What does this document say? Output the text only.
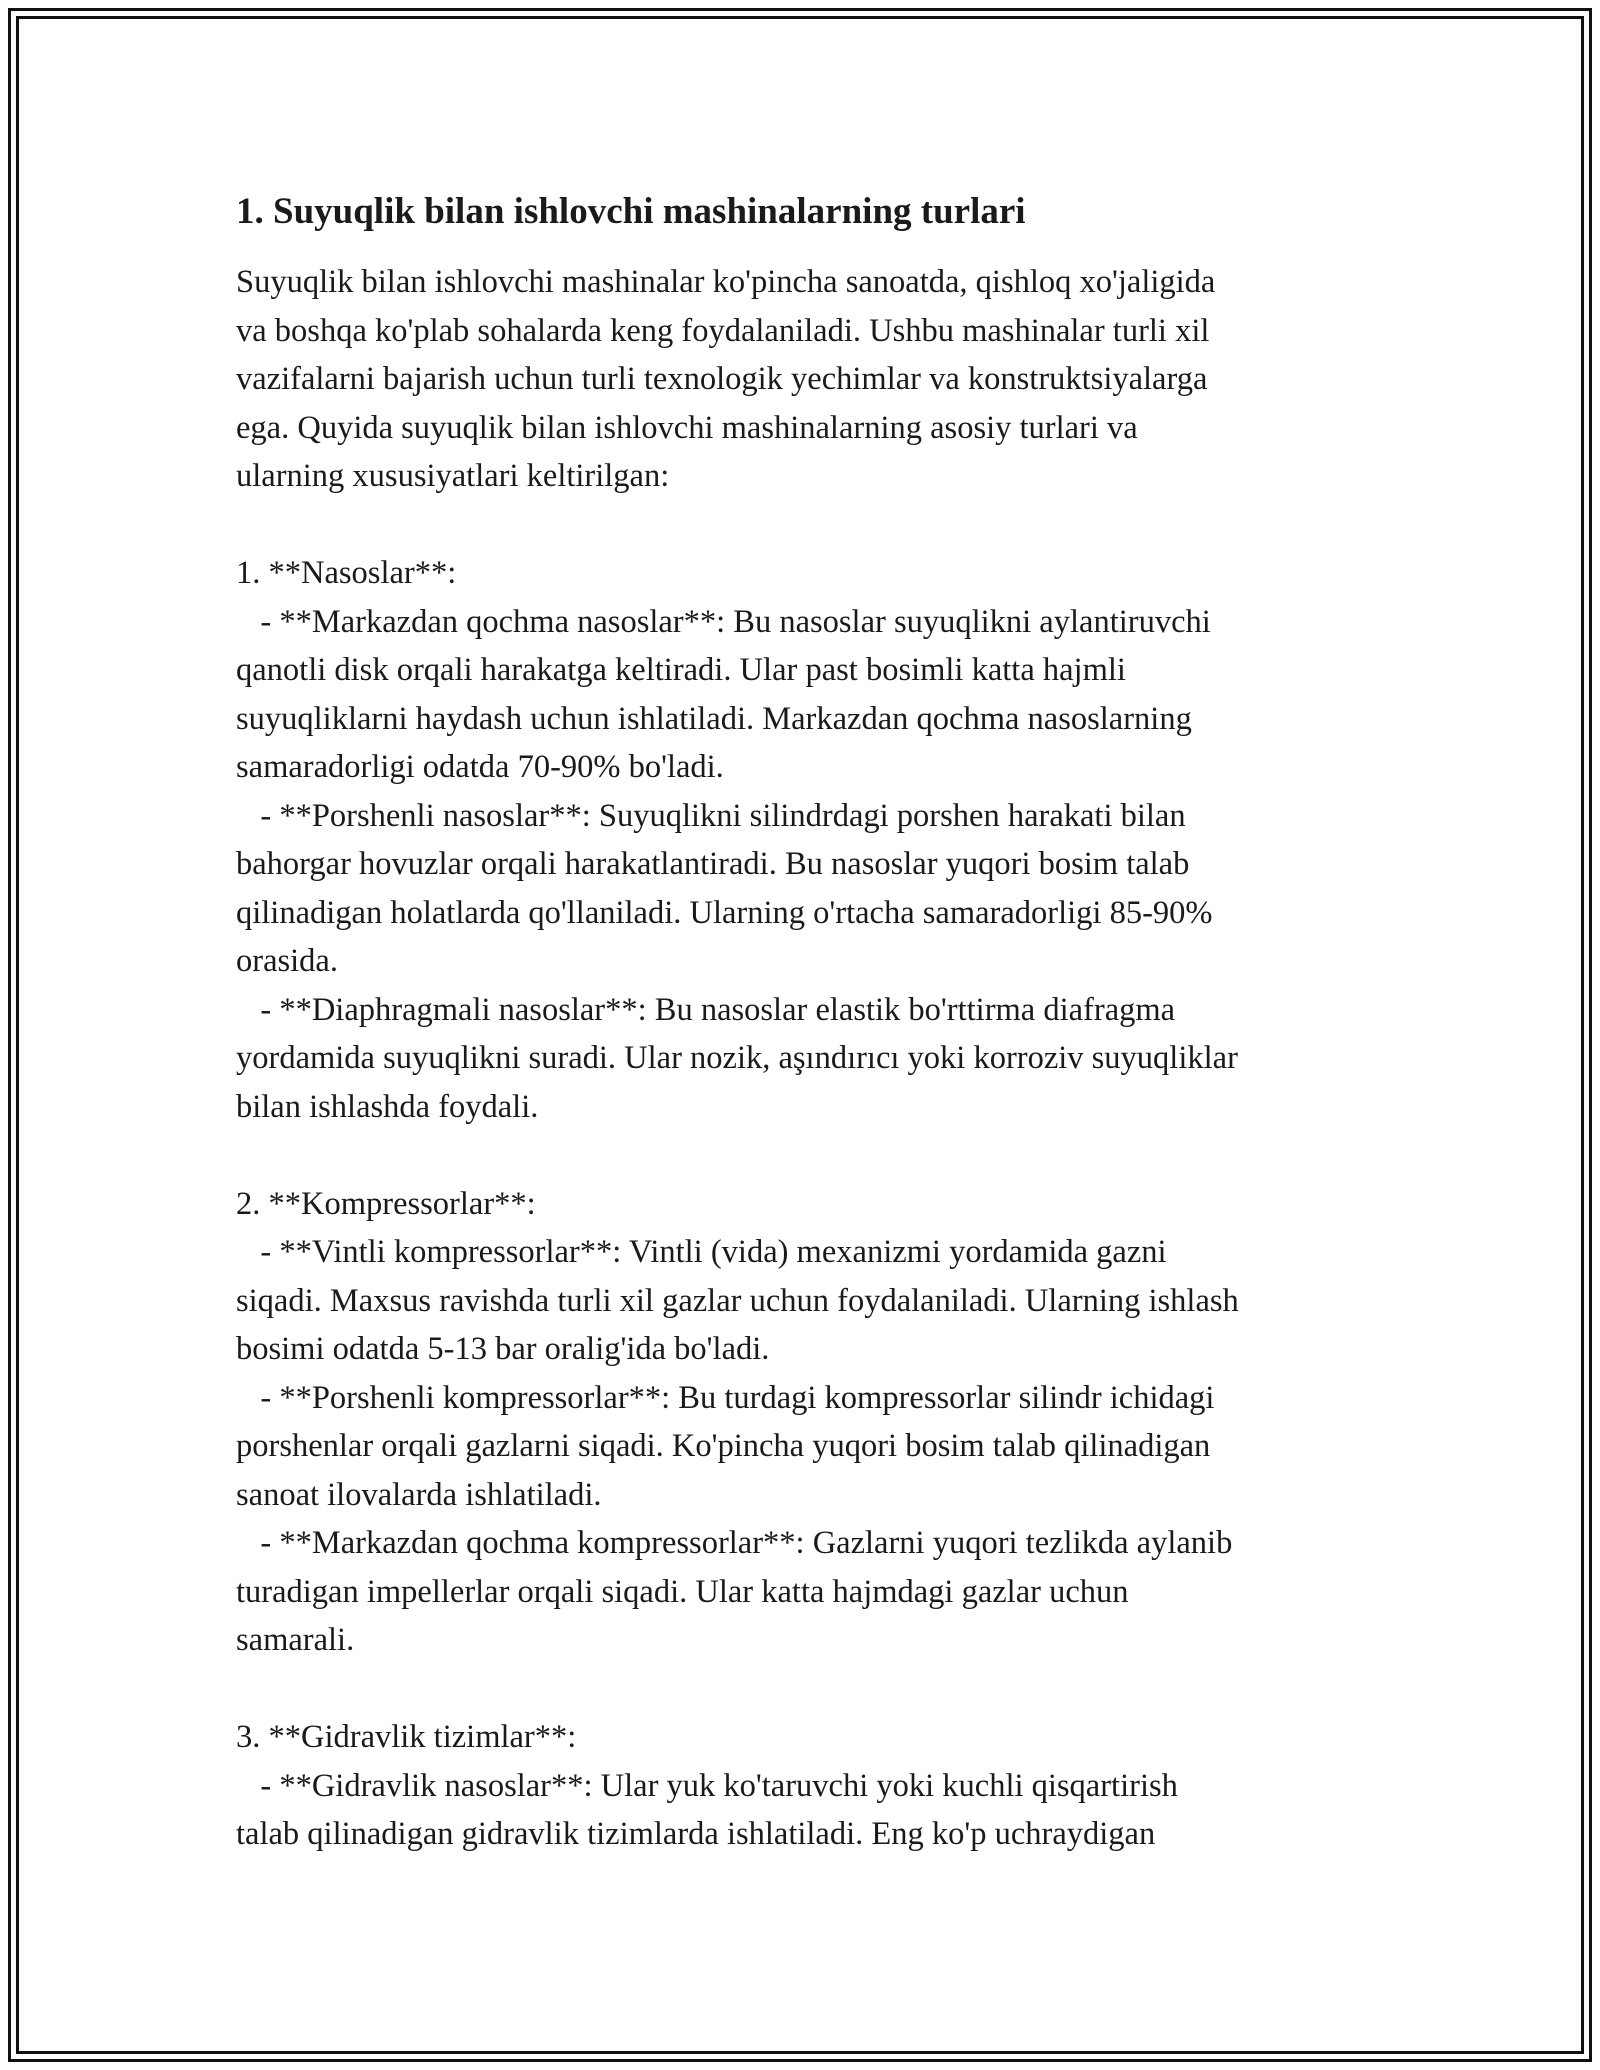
1. Suyuqlik bilan ishlovchi mashinalarning turlari
Suyuqlik bilan ishlovchi mashinalar ko'pincha sanoatda, qishloq xo'jaligida
va boshqa ko'plab sohalarda keng foydalaniladi. Ushbu mashinalar turli xil
vazifalarni bajarish uchun turli texnologik yechimlar va konstruktsiyalarga
ega. Quyida suyuqlik bilan ishlovchi mashinalarning asosiy turlari va
ularning xususiyatlari keltirilgan:
1. **Nasoslar**:
- **Markazdan qochma nasoslar**: Bu nasoslar suyuqlikni aylantiruvchi
qanotli disk orqali harakatga keltiradi. Ular past bosimli katta hajmli
suyuqliklarni haydash uchun ishlatiladi. Markazdan qochma nasoslarning
samaradorligi odatda 70-90% bo'ladi.
- **Porshenli nasoslar**: Suyuqlikni silindrdagi porshen harakati bilan
bahorgar hovuzlar orqali harakatlantiradi. Bu nasoslar yuqori bosim talab
qilinadigan holatlarda qo'llaniladi. Ularning o'rtacha samaradorligi 85-90%
orasida.
- **Diaphragmali nasoslar**: Bu nasoslar elastik bo'rttirma diafragma
yordamida suyuqlikni suradi. Ular nozik, aşındırıcı yoki korroziv suyuqliklar
bilan ishlashda foydali.
2. **Kompressorlar**:
- **Vintli kompressorlar**: Vintli (vida) mexanizmi yordamida gazni
siqadi. Maxsus ravishda turli xil gazlar uchun foydalaniladi. Ularning ishlash
bosimi odatda 5-13 bar oralig'ida bo'ladi.
- **Porshenli kompressorlar**: Bu turdagi kompressorlar silindr ichidagi
porshenlar orqali gazlarni siqadi. Ko'pincha yuqori bosim talab qilinadigan
sanoat ilovalarda ishlatiladi.
- **Markazdan qochma kompressorlar**: Gazlarni yuqori tezlikda aylanib
turadigan impellerlar orqali siqadi. Ular katta hajmdagi gazlar uchun
samarali.
3. **Gidravlik tizimlar**:
- **Gidravlik nasoslar**: Ular yuk ko'taruvchi yoki kuchli qisqartirish
talab qilinadigan gidravlik tizimlarda ishlatiladi. Eng ko'p uchraydigan
